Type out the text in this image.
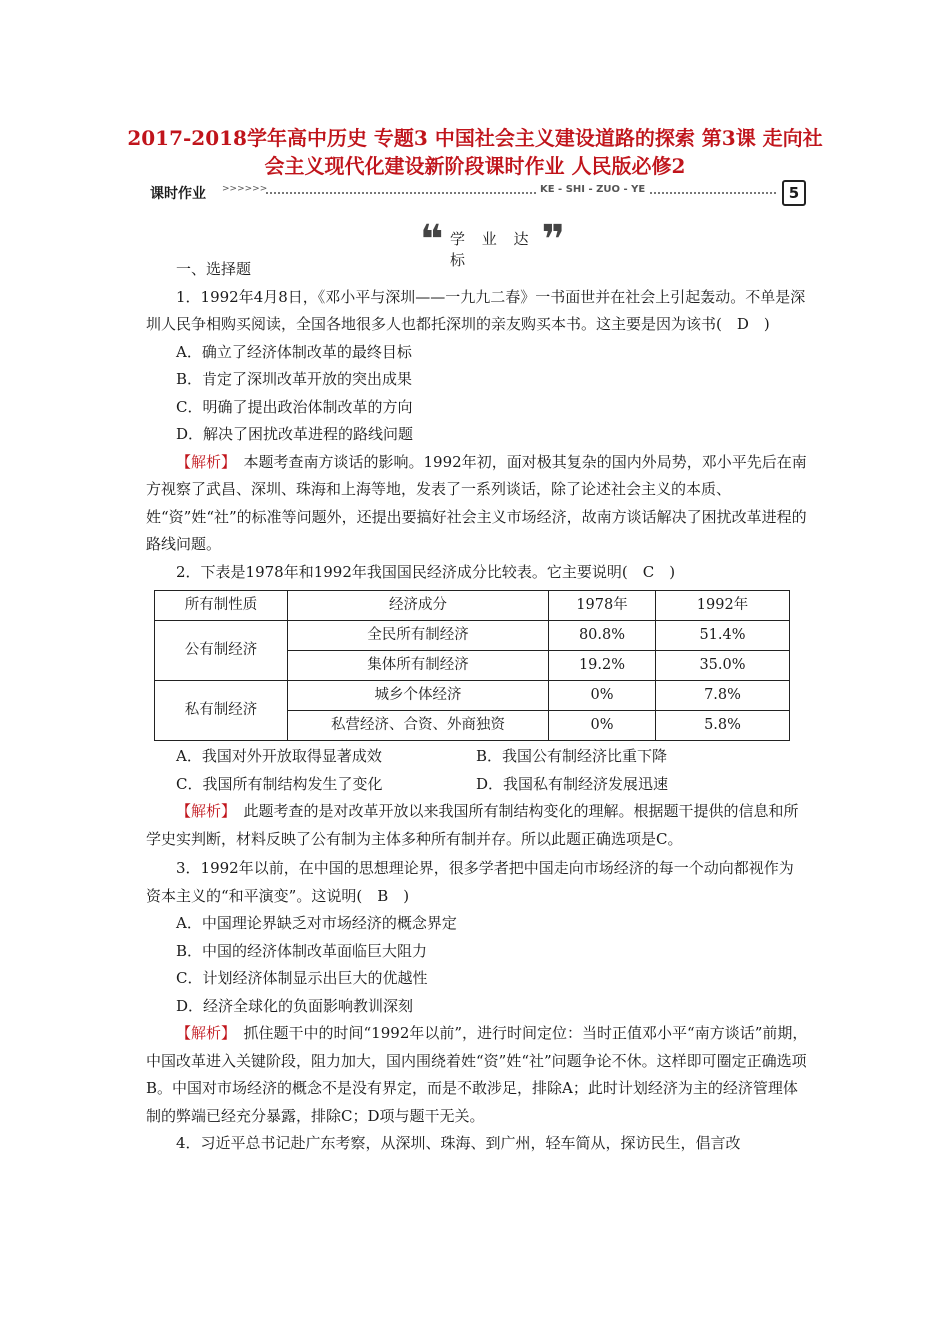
2017-2018学年高中历史 专题3 中国社会主义建设道路的探索 第3课 走向社会主义现代化建设新阶段课时作业 人民版必修2
课时作业 >>>>>>	KE - SHI - ZUO - YE	5
❝ 学 业 达 标	❞

一、选择题

1．1992年4月8日，《邓小平与深圳——一九九二春》一书面世并在社会上引起轰动。不单是深圳人民争相购买阅读，全国各地很多人也都托深圳的亲友购买本书。这主要是因为该书(　D　)

A．确立了经济体制改革的最终目标

B．肯定了深圳改革开放的突出成果

C．明确了提出政治体制改革的方向

D．解决了困扰改革进程的路线问题

【解析】　本题考查南方谈话的影响。1992年初，面对极其复杂的国内外局势，邓小平先后在南方视察了武昌、深圳、珠海和上海等地，发表了一系列谈话，除了论述社会主义的本质、姓“资”姓“社”的标准等问题外，还提出要搞好社会主义市场经济，故南方谈话解决了困扰改革进程的路线问题。

2．下表是1978年和1992年我国国民经济成分比较表。它主要说明(　C　)

所有制性质	经济成分	1978年	1992年
公有制经济	全民所有制经济	80.8%	51.4%
	集体所有制经济	19.2%	35.0%
私有制经济	城乡个体经济	0%	7.8%
	私营经济、合资、外商独资	0%	5.8%
A．我国对外开放取得显著成效	B．我国公有制经济比重下降
C．我国所有制结构发生了变化	D．我国私有制经济发展迅速

【解析】　此题考查的是对改革开放以来我国所有制结构变化的理解。根据题干提供的信息和所学史实判断，材料反映了公有制为主体多种所有制并存。所以此题正确选项是C。

3．1992年以前，在中国的思想理论界，很多学者把中国走向市场经济的每一个动向都视作为资本主义的“和平演变”。这说明(　B　)

A．中国理论界缺乏对市场经济的概念界定

B．中国的经济体制改革面临巨大阻力

C．计划经济体制显示出巨大的优越性

D．经济全球化的负面影响教训深刻

【解析】　抓住题干中的时间“1992年以前”，进行时间定位：当时正值邓小平“南方谈话”前期，中国改革进入关键阶段，阻力加大，国内围绕着姓“资”姓“社”问题争论不休。这样即可圈定正确选项B。中国对市场经济的概念不是没有界定，而是不敢涉足，排除A；此时计划经济为主的经济管理体制的弊端已经充分暴露，排除C；D项与题干无关。

4．习近平总书记赴广东考察，从深圳、珠海、到广州，轻车简从，探访民生，倡言改
